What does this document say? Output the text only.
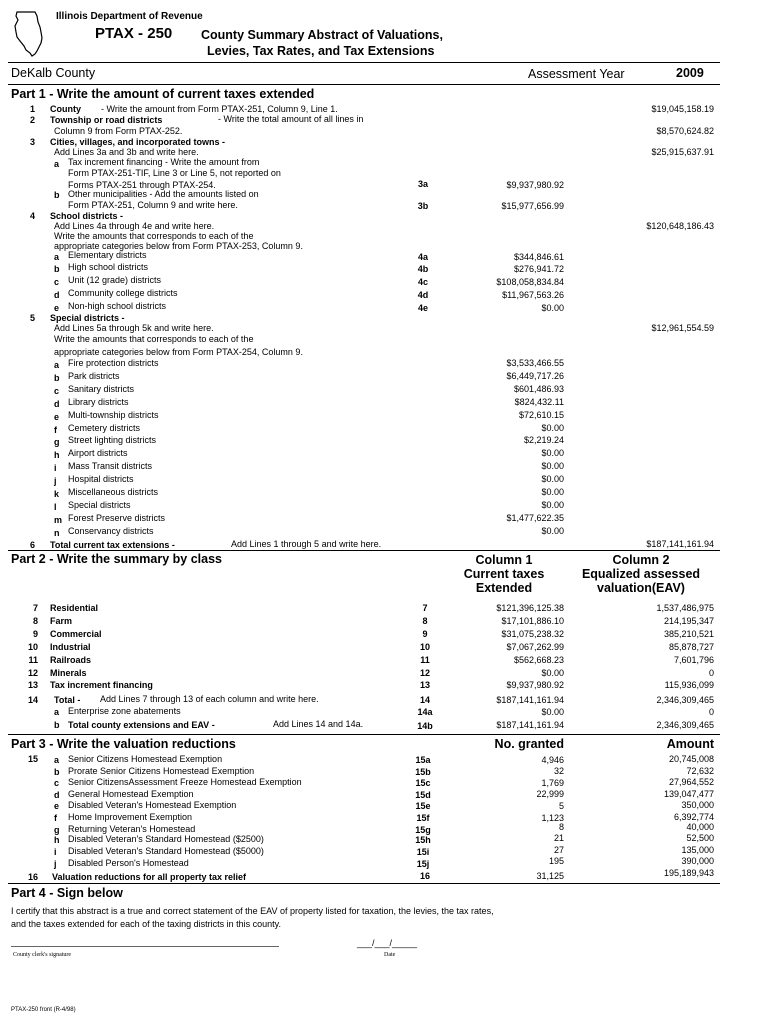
Illinois Department of Revenue
PTAX - 250 County Summary Abstract of Valuations,
Levies, Tax Rates, and Tax Extensions
DeKalb County	Assessment Year	2009
Part 1 - Write the amount of current taxes extended
1 County - Write the amount from Form PTAX-251, Column 9, Line 1.	$19,045,158.19
2 Township or road districts	- Write the total amount of all lines in
Column 9 from Form PTAX-252.	$8,570,624.82
3 Cities, villages, and incorporated towns -
Add Lines 3a and 3b and write here.	$25,915,637.91
a Tax increment financing - Write the amount from
Form PTAX-251-TIF, Line 3 or Line 5, not reported on
Forms PTAX-251 through PTAX-254.	3a	$9,937,980.92
b Other municipalities - Add the amounts listed on
Form PTAX-251, Column 9 and write here.	3b	$15,977,656.99
4 School districts -
Add Lines 4a through 4e and write here.	$120,648,186.43
Write the amounts that corresponds to each of the
appropriate categories below from Form PTAX-253, Column 9.
a Elementary districts	4a	$344,846.61
b High school districts	4b	$276,941.72
c Unit (12 grade) districts	4c	$108,058,834.84
d Community college districts	4d	$11,967,563.26
e Non-high school districts	4e	$0.00
5 Special districts -
Add Lines 5a through 5k and write here.	$12,961,554.59
Write the amounts that corresponds to each of the
appropriate categories below from Form PTAX-254, Column 9.
a Fire protection districts	$3,533,466.55
b Park districts	$6,449,717.26
c Sanitary districts	$601,486.93
d Library districts	$824,432.11
e Multi-township districts	$72,610.15
f Cemetery districts	$0.00
g Street lighting districts	$2,219.24
h Airport districts	$0.00
i Mass Transit districts	$0.00
j Hospital districts	$0.00
k Miscellaneous districts	$0.00
l Special districts	$0.00
m Forest Preserve districts	$1,477,622.35
n Conservancy districts	$0.00
6 Total current tax extensions -	Add Lines 1 through 5 and write here.	$187,141,161.94
Part 2 - Write the summary by class	Column 1
Current taxes
Extended
Column 2
Equalized assessed
valuation(EAV)
7 Residential	7	$121,396,125.38	1,537,486,975
8 Farm	8	$17,101,886.10	214,195,347
9 Commercial	9	$31,075,238.32	385,210,521
10 Industrial	10	$7,067,262.99	85,878,727
11 Railroads	11	$562,668.23	7,601,796
12 Minerals	12	$0.00	0
13 Tax increment financing	13	$9,937,980.92	115,936,099
14 Total - Add Lines 7 through 13 of each column and write here.	14	$187,141,161.94	2,346,309,465
a Enterprise zone abatements	14a	$0.00	0
b Total county extensions and EAV -	Add Lines 14 and 14a.	14b	$187,141,161.94	2,346,309,465
Part 3 - Write the valuation reductions	No. granted	Amount
15 a Senior Citizens Homestead Exemption	15a	4,946	20,745,008
b Prorate Senior Citizens Homestead Exemption	15b	32	72,632
c Senior CitizensAssessment Freeze Homestead Exemption	15c	1,769	27,964,552
d General Homestead Exemption	15d	22,999	139,047,477
e Disabled Veteran's Homestead Exemption	15e	5	350,000
f Home Improvement Exemption	15f	1,123	6,392,774
g Returning Veteran's Homestead	15g	8	40,000
h Disabled Veteran's Standard Homestead ($2500)	15h	21	52,500
i Disabled Veteran's Standard Homestead ($5000)	15i	27	135,000
j Disabled Person's Homestead	15j	195	390,000
16 Valuation reductions for all property tax relief	16	31,125	195,189,943
Part 4 - Sign below
I certify that this abstract is a true and correct statement of the EAV of property listed for taxation, the levies, the tax rates,
and the taxes extended for each of the taxing districts in this county.
County clerk's signature
___/___/_____
Date
PTAX-250 front (R-4/98)
